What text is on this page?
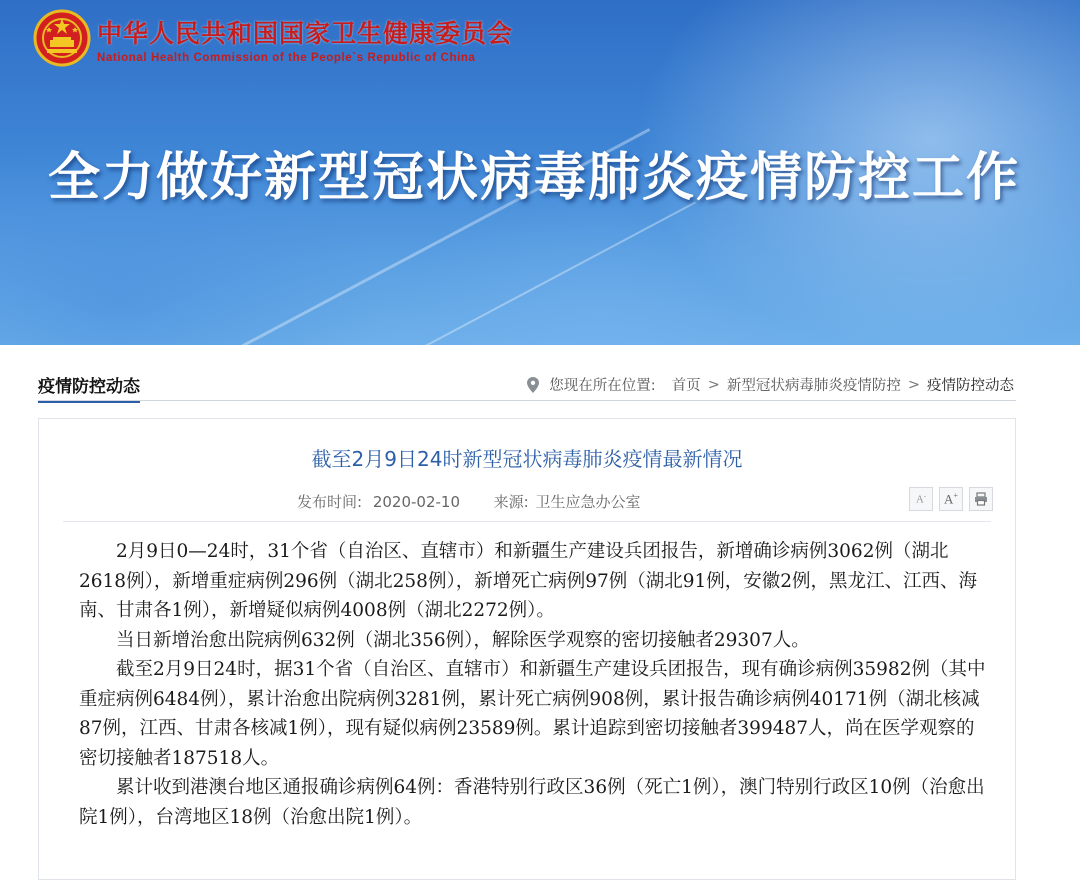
中华人民共和国国家卫生健康委员会
National Health Commission of the People`s Republic of China
全力做好新型冠状病毒肺炎疫情防控工作
疫情防控动态	您现在所在位置: 首页 > 新型冠状病毒肺炎疫情防控 > 疫情防控动态
截至2月9日24时新型冠状病毒肺炎疫情最新情况
发布时间: 2020-02-10 来源: 卫生应急办公室	A- A+

2月9日0—24时，31个省（自治区、直辖市）和新疆生产建设兵团报告，新增确诊病例3062例（湖北2618例），新增重症病例296例（湖北258例），新增死亡病例97例（湖北91例，安徽2例，黑龙江、江西、海南、甘肃各1例），新增疑似病例4008例（湖北2272例）。

当日新增治愈出院病例632例（湖北356例），解除医学观察的密切接触者29307人。

截至2月9日24时，据31个省（自治区、直辖市）和新疆生产建设兵团报告，现有确诊病例35982例（其中重症病例6484例），累计治愈出院病例3281例，累计死亡病例908例，累计报告确诊病例40171例（湖北核减87例，江西、甘肃各核减1例），现有疑似病例23589例。累计追踪到密切接触者399487人，尚在医学观察的密切接触者187518人。

累计收到港澳台地区通报确诊病例64例：香港特别行政区36例（死亡1例），澳门特别行政区10例（治愈出院1例），台湾地区18例（治愈出院1例）。
